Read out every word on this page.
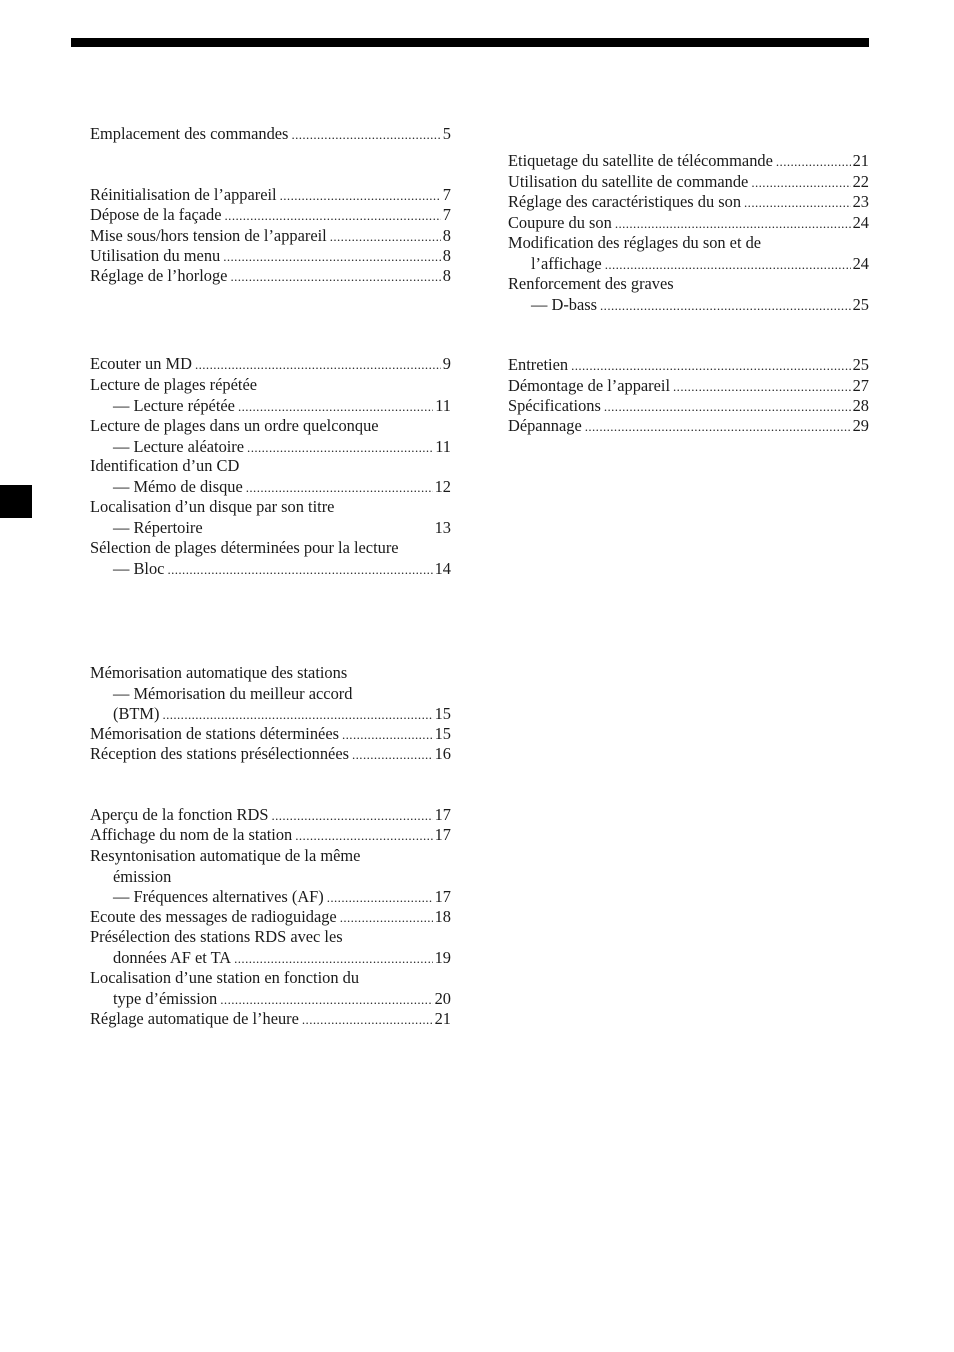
Emplacement des commandes .....	5
Réinitialisation de l’appareil .....	7
Dépose de la façade .....	7
Mise sous/hors tension de l’appareil .....	8
Utilisation du menu .....	8
Réglage de l’horloge .....	8
Ecouter un MD .....	9
Lecture de plages répétée
— Lecture répétée .....	11
Lecture de plages dans un ordre quelconque
— Lecture aléatoire .....	11
Identification d’un CD
— Mémo de disque .....	12
Localisation d’un disque par son titre
— Répertoire	13
Sélection de plages déterminées pour la lecture
— Bloc .....	14
Mémorisation automatique des stations
— Mémorisation du meilleur accord
(BTM) .....	15
Mémorisation de stations déterminées .....	15
Réception des stations présélectionnées .....	16
Aperçu de la fonction RDS .....	17
Affichage du nom de la station .....	17
Resyntonisation automatique de la même
émission
— Fréquences alternatives (AF) .....	17
Ecoute des messages de radioguidage .....	18
Présélection des stations RDS avec les
données AF et TA .....	19
Localisation d’une station en fonction du
type d’émission .....	20
Réglage automatique de l’heure .....	21
Etiquetage du satellite de télécommande .....	21
Utilisation du satellite de commande .....	22
Réglage des caractéristiques du son .....	23
Coupure du son .....	24
Modification des réglages du son et de
l’affichage .....	24
Renforcement des graves
— D-bass .....	25
Entretien .....	25
Démontage de l’appareil .....	27
Spécifications .....	28
Dépannage .....	29
